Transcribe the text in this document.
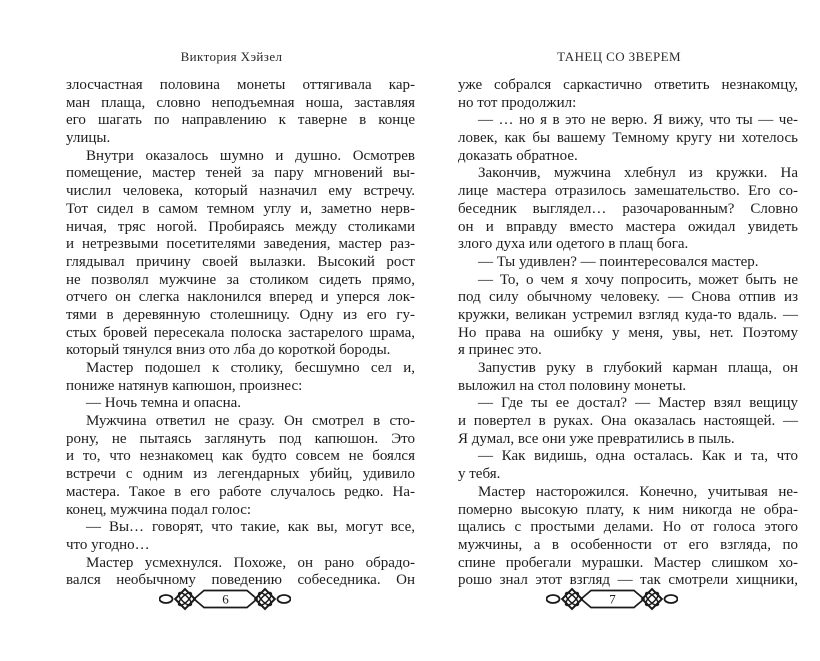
Виктория Хэйзел
злосчастная половина монеты оттягивала кар-
ман плаща, словно неподъемная ноша, заставляя
его шагать по направлению к таверне в конце
улицы.
Внутри оказалось шумно и душно. Осмотрев
помещение, мастер теней за пару мгновений вы-
числил человека, который назначил ему встречу.
Тот сидел в самом темном углу и, заметно нерв-
ничая, тряс ногой. Пробираясь между столиками
и нетрезвыми посетителями заведения, мастер раз-
глядывал причину своей вылазки. Высокий рост
не позволял мужчине за столиком сидеть прямо,
отчего он слегка наклонился вперед и уперся лок-
тями в деревянную столешницу. Одну из его гу-
стых бровей пересекала полоска застарелого шрама,
который тянулся вниз ото лба до короткой бороды.
Мастер подошел к столику, бесшумно сел и,
пониже натянув капюшон, произнес:
— Ночь темна и опасна.
Мужчина ответил не сразу. Он смотрел в сто-
рону, не пытаясь заглянуть под капюшон. Это
и то, что незнакомец как будто совсем не боялся
встречи с одним из легендарных убийц, удивило
мастера. Такое в его работе случалось редко. На-
конец, мужчина подал голос:
— Вы… говорят, что такие, как вы, могут все,
что угодно…
Мастер усмехнулся. Похоже, он рано обрадо-
вался необычному поведению собеседника. Он
6
ТАНЕЦ СО ЗВЕРЕМ
уже собрался саркастично ответить незнакомцу,
но тот продолжил:
— … но я в это не верю. Я вижу, что ты — че-
ловек, как бы вашему Темному кругу ни хотелось
доказать обратное.
Закончив, мужчина хлебнул из кружки. На
лице мастера отразилось замешательство. Его со-
беседник выглядел… разочарованным? Словно
он и вправду вместо мастера ожидал увидеть
злого духа или одетого в плащ бога.
— Ты удивлен? — поинтересовался мастер.
— То, о чем я хочу попросить, может быть не
под силу обычному человеку. — Снова отпив из
кружки, великан устремил взгляд куда-то вдаль. —
Но права на ошибку у меня, увы, нет. Поэтому
я принес это.
Запустив руку в глубокий карман плаща, он
выложил на стол половину монеты.
— Где ты ее достал? — Мастер взял вещицу
и повертел в руках. Она оказалась настоящей. —
Я думал, все они уже превратились в пыль.
— Как видишь, одна осталась. Как и та, что
у тебя.
Мастер насторожился. Конечно, учитывая не-
померно высокую плату, к ним никогда не обра-
щались с простыми делами. Но от голоса этого
мужчины, а в особенности от его взгляда, по
спине пробегали мурашки. Мастер слишком хо-
рошо знал этот взгляд — так смотрели хищники,
7
